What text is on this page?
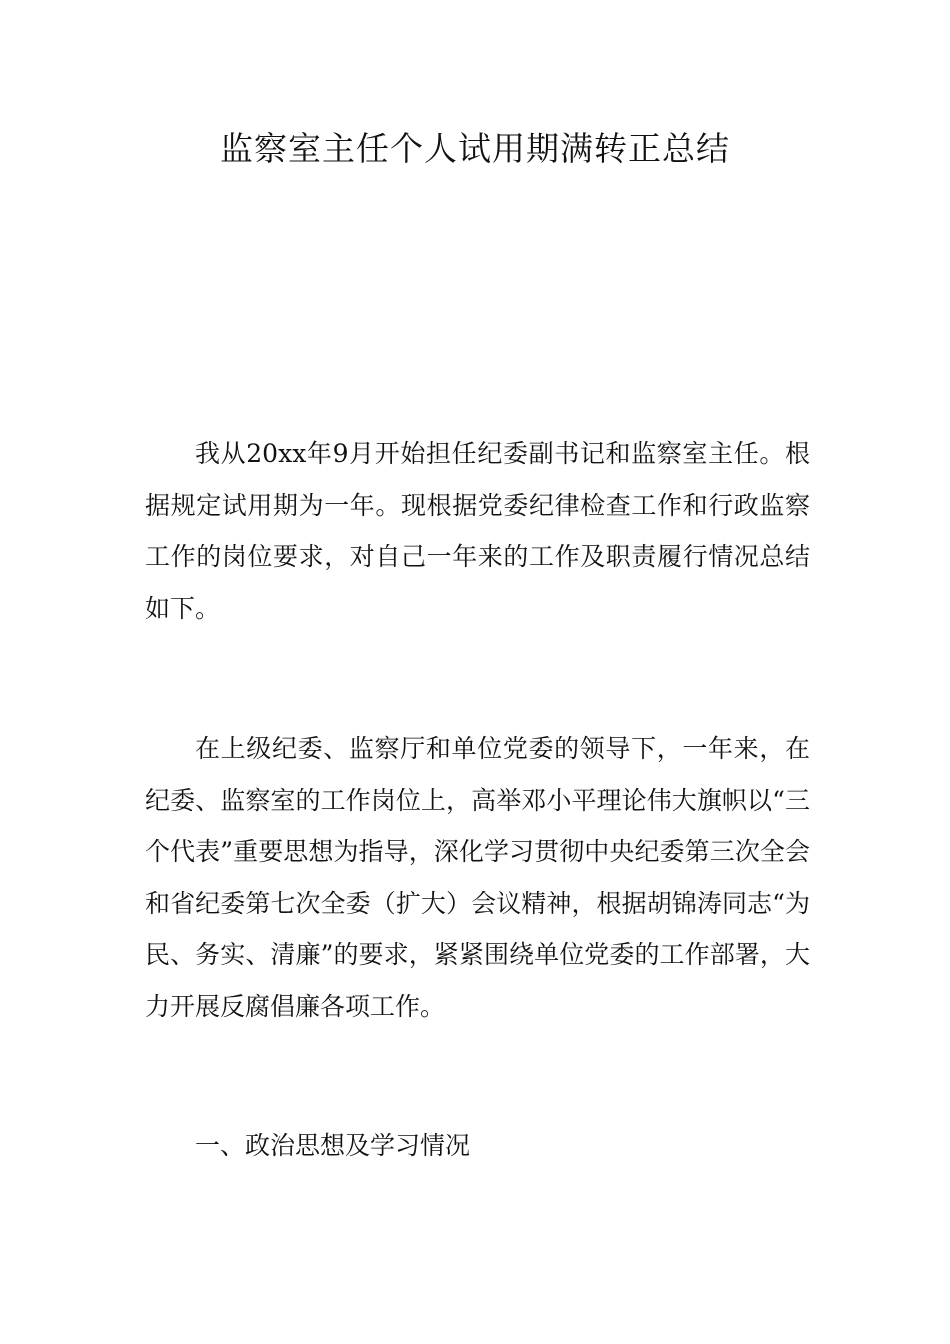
监察室主任个人试用期满转正总结

我从20xx年9月开始担任纪委副书记和监察室主任。根据规定试用期为一年。现根据党委纪律检查工作和行政监察工作的岗位要求，对自己一年来的工作及职责履行情况总结如下。

在上级纪委、监察厅和单位党委的领导下，一年来，在纪委、监察室的工作岗位上，高举邓小平理论伟大旗帜以“三个代表”重要思想为指导，深化学习贯彻中央纪委第三次全会和省纪委第七次全委（扩大）会议精神，根据胡锦涛同志“为民、务实、清廉”的要求，紧紧围绕单位党委的工作部署，大力开展反腐倡廉各项工作。

一、政治思想及学习情况
